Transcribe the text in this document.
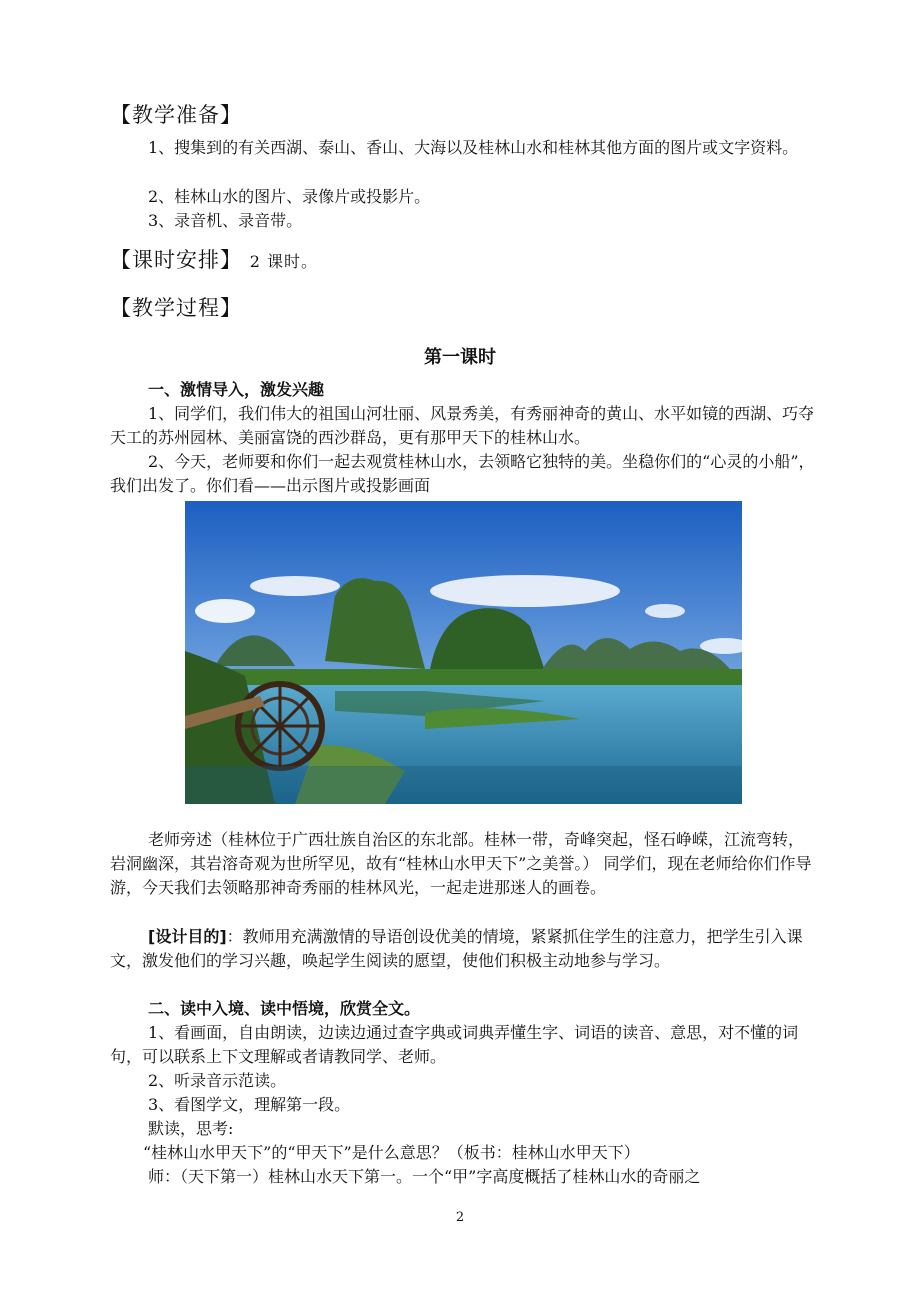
【教学准备】
1、搜集到的有关西湖、泰山、香山、大海以及桂林山水和桂林其他方面的图片或文字资料。
2、桂林山水的图片、录像片或投影片。
3、录音机、录音带。
【课时安排】 2 课时。
【教学过程】
第一课时
一、激情导入，激发兴趣
1、同学们，我们伟大的祖国山河壮丽、风景秀美，有秀丽神奇的黄山、水平如镜的西湖、巧夺天工的苏州园林、美丽富饶的西沙群岛，更有那甲天下的桂林山水。
2、今天，老师要和你们一起去观赏桂林山水，去领略它独特的美。坐稳你们的“心灵的小船”，我们出发了。你们看——出示图片或投影画面
老师旁述（桂林位于广西壮族自治区的东北部。桂林一带，奇峰突起，怪石峥嵘，江流弯转，岩洞幽深，其岩溶奇观为世所罕见，故有“桂林山水甲天下”之美誉。） 同学们，现在老师给你们作导游，今天我们去领略那神奇秀丽的桂林风光，一起走进那迷人的画卷。
[设计目的]：教师用充满激情的导语创设优美的情境，紧紧抓住学生的注意力，把学生引入课文，激发他们的学习兴趣，唤起学生阅读的愿望，使他们积极主动地参与学习。
二、读中入境、读中悟境，欣赏全文。
1、看画面，自由朗读，边读边通过查字典或词典弄懂生字、词语的读音、意思，对不懂的词句，可以联系上下文理解或者请教同学、老师。
2、听录音示范读。
3、看图学文，理解第一段。
默读，思考:
“桂林山水甲天下”的“甲天下”是什么意思？（板书：桂林山水甲天下）
师：（天下第一）桂林山水天下第一。一个“甲”字高度概括了桂林山水的奇丽之
2
